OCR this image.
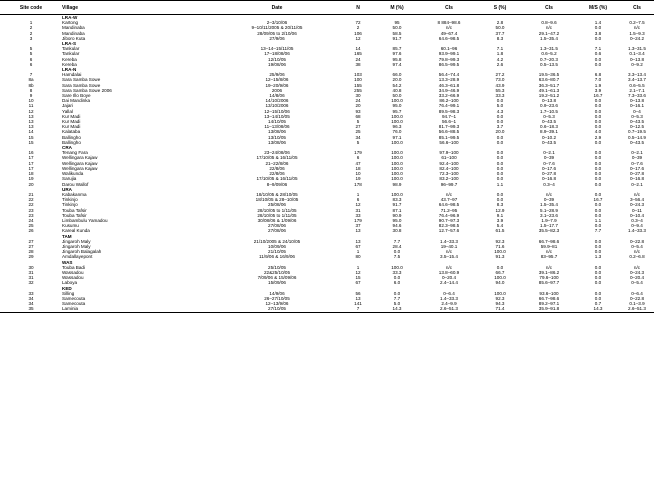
Site code	Village	Date	N	M (%)	CIs	S (%)	CIs	M/S (%)	CIs
	LRA-W								
1	Kartong	2–3/10/06	72	95	8 884–98.6	2.8	0.8–9.6	1.4	0.2–7.5
2	Mandinaba	9–10/11/2005 & 20/11/05	2	50.0	n/c	50.0	n/c	0.0	n/c
2	Mandinaba	28/09/05 to 2/10/06	106	58.5	49–67.4	37.7	29.1–47.2	3.8	1.5–9.3
3	Jiboro Kuta	27/9/06	12	91.7	64.6–98.5	8.3	1.5–35.4	0.0	0–24.2
	LRA-S								
5	Tankular	13–14–15/11/05	14	85.7	60.1–96	7.1	1.3–31.5	7.1	1.3–31.5
5	Tankular	17–18/08/06	165	97.6	93.9–99.1	1.8	0.6–5.2	0.6	0.1–3.4
6	Kereba	12/10/05	24	95.8	79.8–99.3	4.2	0.7–20.3	0.0	0–13.8
6	Kereba	19/08/06	38	97.4	86.5–99.5	2.6	0.5–13.5	0.0	0–9.2
	LRA-N								
7	Hamdalai	25/9/06	103	66.0	56.4–74.4	27.2	19.5–36.5	6.8	3.3–13.4
8a	Sara Samba Sowe	12–15/8/06	100	20.0	13.3–28.9	73.0	63.6–80.7	7.0	3.4–13.7
8b	Sara Samba Sowe	19–20/9/06	155	54.2	46.3–61.8	43.9	36.3–51.7	1.9	0.6–5.5
8	Sara Samba Sowe 2006	2006	255	40.8	34.9–46.9	55.3	49.1–61.3	3.9	2.1–7.1
9	Sare Illo Boye	14/8/06	30	50.0	33.2–66.9	33.3	19.2–51.2	16.7	7.3–33.6
10	Dai Mandinka	14/10/2006	24	100.0	86.2–100	0.0	0–13.8	0.0	0–13.8
11	Jajari	13/10/2006	20	95.0	76.4–99.1	5.0	0.9–23.6	0.0	0–16.1
12	Yallal	12–15/10/06	93	95.7	89.5–98.3	4.3	1.7–10.5	0.0	0–4
13	Kur Madi	13–14/10/05	68	100.0	94.7–1	0.0	0–5.3	0.0	0–5.3
13	Kur Madi	14/10/05	5	100.0	56.6–1	0.0	0–43.5	0.0	0–43.5
13	Kur Madi	11–13/08/06	27	96.3	81.7–99.3	3.7	0.6–18.3	0.0	0–12.5
14	Kalataba	13/08/06	25	76.0	56.6–88.5	20.0	8.9–39.1	4.0	0.7–19.5
15	Ballingho	13/10/05	34	97.1	85.1–99.5	0.0	0–10.2	2.9	0.5–14.9
15	Ballingho	13/08/06	5	100.0	56.6–100	0.0	0–43.5	0.0	0–43.5
	CRA								
16	Tenang Fara	23–24/08/06	179	100.0	97.9–100	0.0	0–2.1	0.0	0–2.1
17	Wellingara Kajaw	17/10/05 & 16/11/05	6	100.0	61–100	0.0	0–39	0.0	0–39
17	Wellingara Kajaw	21–22/8/06	47	100.0	92.4–100	0.0	0–7.6	0.0	0–7.6
17	Wellingara Kajaw	22/8/06	18	100.0	82.4–100	0.0	0–17.6	0.0	0–17.6
18	Walikunda	22/8/06	10	100.0	72.3–100	0.0	0–27.8	0.0	0–27.8
19	Sarujia	17/10/05 & 16/11/05	19	100.0	83.2–100	0.0	0–16.8	0.0	0–16.8
20	Darou Wallof	8–9/09/06	178	98.9	96–99.7	1.1	0.3–4	0.0	0–2.1
	URA								
21	Kabakanma	18/10/05 & 28/10/05	1	100.0	n/c	0.0	n/c	0.0	n/c
22	Tinkinjo	18/10/05 & 28–10/05	6	83.3	43.7–97	0.0	0–39	16.7	3–56.4
22	Tinkinjo	25/08/06	12	91.7	64.6–98.5	8.3	1.5–35.4	0.0	0–24.3
23	Touba Tafsir	28/10/05 to 1/11/05	31	87.1	71.2–95	12.9	5.1–28.9	0.0	0–11
23	Touba Tafsir	28/10/05 to 1/11/05	33	90.9	76.4–96.9	9.1	3.1–23.6	0.0	0–10.4
24	Limbambulu Yamadou	30/08/06 & 1/09/06	179	95.0	90.7–97.3	3.9	1.9–7.9	1.1	0.3–4
25	Kusumu	27/08/06	37	94.6	82.3–98.5	5.4	1.5–17.7	0.0	0–9.4
26	Kareal Kunda	27/08/06	13	30.8	12.7–57.6	61.5	35.5–82.3	7.7	1.4–33.3
	TAM								
27	Jingaroh Maly	21/10/2005 & 24/10/05	13	7.7	1.4–33.3	92.3	66.7–98.6	0.0	0–22.8
27	Jingaroh Maly	10/09/06	67	28.4	19–40.1	71.6	59.9–81	0.0	0–5.4
28	Jingaroh Balagalah	21/10/05	1	0.0	n/c	100.0	n/c	0.0	n/c
29	Amdallayepont	11/9/06 & 16/9/06	80	7.5	3.5–15.4	91.3	83–95.7	1.3	0.2–6.8
	WAS								
30	Touba Badi	25/10/05	1	100.0	n/c	0.0	n/c	0.0	n/c
31	Wassadou	22&25/10/05	12	33.3	13.8–60.9	66.7	39.1–86.2	0.0	0–24.3
31	Wassadou	7/09/06 & 15/09/06	15	0.0	0–20.4	100.0	79.6–100	0.0	0–20.4
32	Laboya	15/09/06	67	6.0	2.4–14.4	94.0	85.6–97.7	0.0	0–5.4
	KED								
33	Silling	14/9/06	56	0.0	0–6.4	100.0	93.6–100	0.0	0–6.4
34	Samecouta	26–27/10/05	13	7.7	1.4–33.3	92.3	66.7–98.6	0.0	0–22.8
34	Samecouta	12–13/9/06	141	5.0	2.4–9.9	94.3	89.2–97.1	0.7	0.1–3.9
35	Laminia	27/10/05	7	14.3	2.6–51.3	71.4	35.9–91.8	14.3	2.6–51.3
